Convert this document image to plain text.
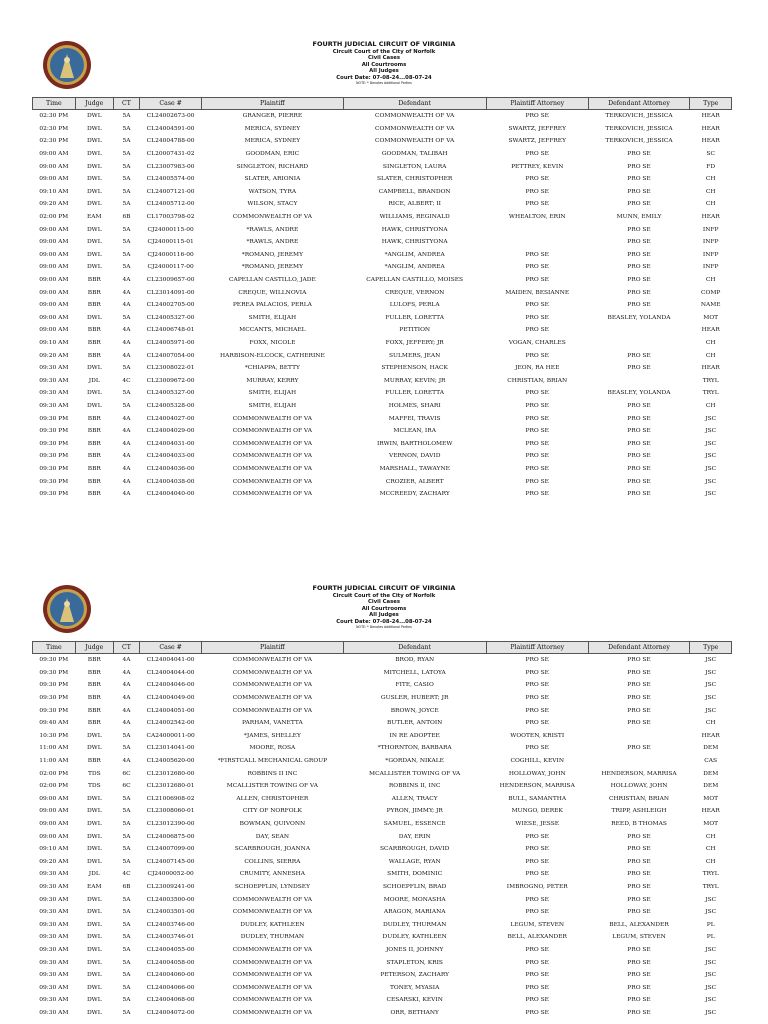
FOURTH JUDICIAL CIRCUIT OF VIRGINIA
Circuit Court of the City of Norfolk
Civil Cases
All Courtrooms
All Judges
Court Date: 07-08-24...08-07-24
NOTE: * Denotes Additional Parties
Time	Judge	CT	Case #	Plaintiff	Defendant	Plaintiff Attorney	Defendant Attorney	Type
02:30 PM	DWL	5A	CL24002673-00	GRANGER, PIERRE	COMMONWEALTH OF VA	PRO SE	TERKOVICH, JESSICA	HEAR
02:30 PM	DWL	5A	CL24004591-00	MERICA, SYDNEY	COMMONWEALTH OF VA	SWARTZ, JEFFREY	TERKOVICH, JESSICA	HEAR
02:30 PM	DWL	5A	CL24004788-00	MERICA, SYDNEY	COMMONWEALTH OF VA	SWARTZ, JEFFREY	TERKOVICH, JESSICA	HEAR
09:00 AM	DWL	5A	CL20007431-02	GOODMAN, ERIC	GOODMAN, TALIBAH	PRO SE	PRO SE	SC
09:00 AM	DWL	5A	CL23007983-00	SINGLETON, RICHARD	SINGLETON, LAURA	PETTREY, KEVIN	PRO SE	FD
09:00 AM	DWL	5A	CL24005574-00	SLATER, ARIONIA	SLATER, CHRISTOPHER	PRO SE	PRO SE	CH
09:10 AM	DWL	5A	CL24007121-00	WATSON, TYRA	CAMPBELL, BRANDON	PRO SE	PRO SE	CH
09:20 AM	DWL	5A	CL24005712-00	WILSON, STACY	RICE, ALBERT; II	PRO SE	PRO SE	CH
02:00 PM	EAM	6B	CL17003798-02	COMMONWEALTH OF VA	WILLIAMS, REGINALD	WHEALTON, ERIN	MUNN, EMILY	HEAR
09:00 AM	DWL	5A	CJ24000115-00	*RAWLS, ANDRE	HAWK, CHRISTYONA		PRO SE	INFP
09:00 AM	DWL	5A	CJ24000115-01	*RAWLS, ANDRE	HAWK, CHRISTYONA		PRO SE	INFP
09:00 AM	DWL	5A	CJ24000116-00	*ROMANO, JEREMY	*ANGLIM, ANDREA	PRO SE	PRO SE	INFP
09:00 AM	DWL	5A	CJ24000117-00	*ROMANO, JEREMY	*ANGLIM, ANDREA	PRO SE	PRO SE	INFP
09:00 AM	BBR	4A	CL23009657-00	CAPELLAN CASTILLO, JADE	CAPELLAN CASTILLO, MOISES	PRO SE	PRO SE	CH
09:00 AM	BBR	4A	CL23014091-00	CREQUE, WILLNOVIA	CREQUE, VERNON	MAIDEN, BESIANNE	PRO SE	COMP
09:00 AM	BBR	4A	CL24002705-00	PEREA PALACIOS, PERLA	LULOFS, PERLA	PRO SE	PRO SE	NAME
09:00 AM	DWL	5A	CL24005327-00	SMITH, ELIJAH	FULLER, LORETTA	PRO SE	BEASLEY, YOLANDA	MOT
09:00 AM	BBR	4A	CL24006748-01	MCCANTS, MICHAEL	PETITION	PRO SE		HEAR
09:10 AM	BBR	4A	CL24005971-00	FOXX, NICOLE	FOXX, JEFFERY; JR	VOGAN, CHARLES		CH
09:20 AM	BBR	4A	CL24007054-00	HARBISON-ELCOCK, CATHERINE	SULMERS, JEAN	PRO SE	PRO SE	CH
09:30 AM	DWL	5A	CL23008022-01	*CHIAPPA, BETTY	STEPHENSON, HACK	JEON, RA HEE	PRO SE	HEAR
09:30 AM	JDL	4C	CL23009672-00	MURRAY, KERRY	MURRAY, KEVIN; JR	CHRISTIAN, BRIAN		TRYL
09:30 AM	DWL	5A	CL24005327-00	SMITH, ELIJAH	FULLER, LORETTA	PRO SE	BEASLEY, YOLANDA	TRYL
09:30 AM	DWL	5A	CL24005328-00	SMITH, ELIJAH	HOLMES, SHARI	PRO SE	PRO SE	CH
09:30 PM	BBR	4A	CL24004027-00	COMMONWEALTH OF VA	MAFFEI, TRAVIS	PRO SE	PRO SE	JSC
09:30 PM	BBR	4A	CL24004029-00	COMMONWEALTH OF VA	MCLEAN, IRA	PRO SE	PRO SE	JSC
09:30 PM	BBR	4A	CL24004031-00	COMMONWEALTH OF VA	IRWIN, BARTHOLOMEW	PRO SE	PRO SE	JSC
09:30 PM	BBR	4A	CL24004033-00	COMMONWEALTH OF VA	VERNON, DAVID	PRO SE	PRO SE	JSC
09:30 PM	BBR	4A	CL24004036-00	COMMONWEALTH OF VA	MARSHALL, TAWAYNE	PRO SE	PRO SE	JSC
09:30 PM	BBR	4A	CL24004038-00	COMMONWEALTH OF VA	CROZIER, ALBERT	PRO SE	PRO SE	JSC
09:30 PM	BBR	4A	CL24004040-00	COMMONWEALTH OF VA	MCCREEDY, ZACHARY	PRO SE	PRO SE	JSC
FOURTH JUDICIAL CIRCUIT OF VIRGINIA
Circuit Court of the City of Norfolk
Civil Cases
All Courtrooms
All Judges
Court Date: 07-08-24...08-07-24
NOTE: * Denotes Additional Parties
Time	Judge	CT	Case #	Plaintiff	Defendant	Plaintiff Attorney	Defendant Attorney	Type
09:30 PM	BBR	4A	CL24004041-00	COMMONWEALTH OF VA	BROD, RYAN	PRO SE	PRO SE	JSC
09:30 PM	BBR	4A	CL24004044-00	COMMONWEALTH OF VA	MITCHELL, LATOYA	PRO SE	PRO SE	JSC
09:30 PM	BBR	4A	CL24004046-00	COMMONWEALTH OF VA	FITE, CASIO	PRO SE	PRO SE	JSC
09:30 PM	BBR	4A	CL24004049-00	COMMONWEALTH OF VA	GUSLER, HUBERT; JR	PRO SE	PRO SE	JSC
09:30 PM	BBR	4A	CL24004051-00	COMMONWEALTH OF VA	BROWN, JOYCE	PRO SE	PRO SE	JSC
09:40 AM	BBR	4A	CL24002542-00	PARHAM, VANETTA	BUTLER, ANTOIN	PRO SE	PRO SE	CH
10:30 PM	DWL	5A	CA24000011-00	*JAMES, SHELLEY	IN RE ADOPTEE	WOOTEN, KRISTI		HEAR
11:00 AM	DWL	5A	CL23014041-00	MOORE, ROSA	*THORNTON, BARBARA	PRO SE	PRO SE	DEM
11:00 AM	BBR	4A	CL24005620-00	*FIRSTCALL MECHANICAL GROUP	*GORDAN, NIKALE	COGHILL, KEVIN		CAS
02:00 PM	TDS	6C	CL23012680-00	ROBBINS II INC	MCALLISTER TOWING OF VA	HOLLOWAY, JOHN	HENDERSON, MARRISA	DEM
02:00 PM	TDS	6C	CL23012680-01	MCALLISTER TOWING OF VA	ROBBINS II, INC	HENDERSON, MARRISA	HOLLOWAY, JOHN	DEM
09:00 AM	DWL	5A	CL21006908-02	ALLEN, CHRISTOPHER	ALLEN, TRACY	BULL, SAMANTHA	CHRISTIAN, BRIAN	MOT
09:00 AM	DWL	5A	CL23008060-01	CITY OF NORFOLK	PYRON, JIMMY; JR	MUNGO, DEREK	TRIPP, ASHLEIGH	HEAR
09:00 AM	DWL	5A	CL23012390-00	BOWMAN, QUIVONN	SAMUEL, ESSENCE	WIESE, JESSE	REED, B THOMAS	MOT
09:00 AM	DWL	5A	CL24006875-00	DAY, SEAN	DAY, ERIN	PRO SE	PRO SE	CH
09:10 AM	DWL	5A	CL24007099-00	SCARBROUGH, JOANNA	SCARBROUGH, DAVID	PRO SE	PRO SE	CH
09:20 AM	DWL	5A	CL24007145-00	COLLINS, SIERRA	WALLAGE, RYAN	PRO SE	PRO SE	CH
09:30 AM	JDL	4C	CJ24000052-00	CRUMITY, ANNESHA	SMITH, DOMINIC	PRO SE	PRO SE	TRYL
09:30 AM	EAM	6B	CL23009241-00	SCHOEPFLIN, LYNDSEY	SCHOEPFLIN, BRAD	IMBROGNO, PETER	PRO SE	TRYL
09:30 AM	DWL	5A	CL24003500-00	COMMONWEALTH OF VA	MOORE, MONASHA	PRO SE	PRO SE	JSC
09:30 AM	DWL	5A	CL24003501-00	COMMONWEALTH OF VA	ARAGON, MARIANA	PRO SE	PRO SE	JSC
09:30 AM	DWL	5A	CL24003746-00	DUDLEY, KATHLEEN	DUDLEY, THURMAN	LEGUM, STEVEN	BELL, ALEXANDER	PL
09:30 AM	DWL	5A	CL24003746-01	DUDLEY, THURMAN	DUDLEY, KATHLEEN	BELL, ALEXANDER	LEGUM, STEVEN	PL
09:30 AM	DWL	5A	CL24004055-00	COMMONWEALTH OF VA	JONES II, JOHNNY	PRO SE	PRO SE	JSC
09:30 AM	DWL	5A	CL24004058-00	COMMONWEALTH OF VA	STAPLETON, KRIS	PRO SE	PRO SE	JSC
09:30 AM	DWL	5A	CL24004060-00	COMMONWEALTH OF VA	PETERSON, ZACHARY	PRO SE	PRO SE	JSC
09:30 AM	DWL	5A	CL24004066-00	COMMONWEALTH OF VA	TONEY, MYASIA	PRO SE	PRO SE	JSC
09:30 AM	DWL	5A	CL24004068-00	COMMONWEALTH OF VA	CESARSKI, KEVIN	PRO SE	PRO SE	JSC
09:30 AM	DWL	5A	CL24004072-00	COMMONWEALTH OF VA	ORR, BETHANY	PRO SE	PRO SE	JSC
